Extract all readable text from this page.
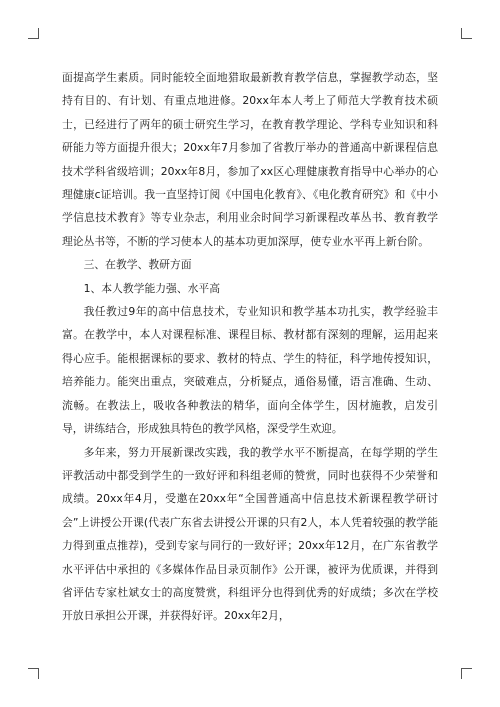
面提高学生素质。同时能较全面地猎取最新教育教学信息，掌握教学动态，坚持有目的、有计划、有重点地进修。20xx年本人考上了师范大学教育技术硕士，已经进行了两年的硕士研究生学习，在教育教学理论、学科专业知识和科研能力等方面提升很大；20xx年7月参加了省教厅举办的普通高中新课程信息技术学科省级培训；20xx年8月，参加了xx区心理健康教育指导中心举办的心理健康c证培训。我一直坚持订阅《中国电化教育》、《电化教育研究》和《中小学信息技术教育》等专业杂志，利用业余时间学习新课程改革丛书、教育教学理论丛书等，不断的学习使本人的基本功更加深厚，使专业水平再上新台阶。

三、在教学、教研方面

1、本人教学能力强、水平高

我任教过9年的高中信息技术，专业知识和教学基本功扎实，教学经验丰富。在教学中，本人对课程标准、课程目标、教材都有深刻的理解，运用起来得心应手。能根据课标的要求、教材的特点、学生的特征，科学地传授知识，培养能力。能突出重点，突破难点，分析疑点，通俗易懂，语言准确、生动、流畅。在教法上，吸收各种教法的精华，面向全体学生，因材施教，启发引导，讲练结合，形成独具特色的教学风格，深受学生欢迎。

多年来，努力开展新课改实践，我的教学水平不断提高，在每学期的学生评教活动中都受到学生的一致好评和科组老师的赞赏，同时也获得不少荣誉和成绩。20xx年4月，受邀在20xx年“全国普通高中信息技术新课程教学研讨会”上讲授公开课(代表广东省去讲授公开课的只有2人，本人凭着较强的教学能力得到重点推荐)，受到专家与同行的一致好评；20xx年12月，在广东省教学水平评估中承担的《多媒体作品目录页制作》公开课，被评为优质课，并得到省评估专家杜斌女士的高度赞赏，科组评分也得到优秀的好成绩；多次在学校开放日承担公开课，并获得好评。20xx年2月，
